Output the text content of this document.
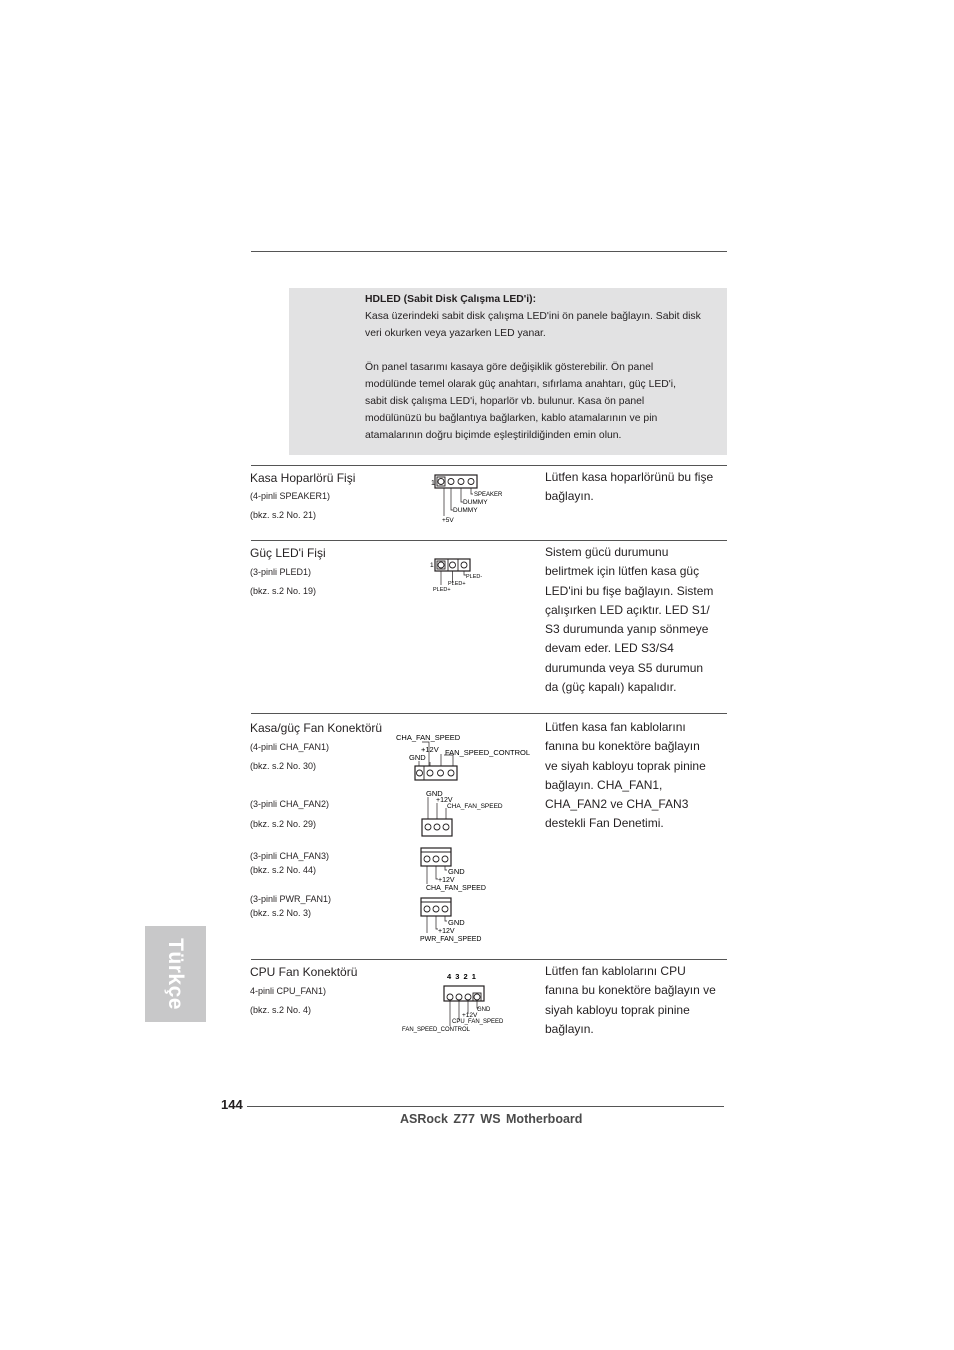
HDLED (Sabit Disk Çalışma LED'i):

Kasa üzerindeki sabit disk çalışma LED'ini ön panele bağlayın. Sabit disk

veri okurken veya yazarken LED yanar.

Ön panel tasarımı kasaya göre değişiklik gösterebilir. Ön panel

modülünde temel olarak güç anahtarı, sıfırlama anahtarı, güç LED'i,

sabit disk çalışma LED'i, hoparlör vb. bulunur. Kasa ön panel

modülünüzü bu bağlantıya bağlarken, kablo atamalarının ve pin

atamalarının doğru biçimde eşleştirildiğinden emin olun.

Kasa Hoparlörü Fişi
(4-pinli SPEAKER1)
(bkz. s.2 No. 21)
Lütfen kasa hoparlörünü bu fişe
bağlayın.
1
SPEAKER
DUMMY
DUMMY
+5V
Güç LED'i Fişi
(3-pinli PLED1)
(bkz. s.2 No. 19)
Sistem gücü durumunu
belirtmek için lütfen kasa güç
LED'ini bu fişe bağlayın. Sistem
çalışırken LED açıktır. LED S1/
S3 durumunda yanıp sönmeye
devam eder. LED S3/S4
durumunda veya S5 durumun
da (güç kapalı) kapalıdır.
1
PLED-
PLED+
PLED+
Kasa/güç Fan Konektörü
(4-pinli CHA_FAN1)
(bkz. s.2 No. 30)
(3-pinli CHA_FAN2)
(bkz. s.2 No. 29)
(3-pinli CHA_FAN3)
(bkz. s.2 No. 44)
(3-pinli PWR_FAN1)
(bkz. s.2 No. 3)
Lütfen kasa fan kablolarını
fanına bu konektöre bağlayın
ve siyah kabloyu toprak pinine
bağlayın. CHA_FAN1,
CHA_FAN2 ve CHA_FAN3
destekli Fan Denetimi.
CHA_FAN_SPEED
+12V
GND
FAN_SPEED_CONTROL
GND
+12V
CHA_FAN_SPEED
GND
+12V
CHA_FAN_SPEED
GND
+12V
PWR_FAN_SPEED
CPU Fan Konektörü
4-pinli CPU_FAN1)
(bkz. s.2 No. 4)
Lütfen fan kablolarını CPU
fanına bu konektöre bağlayın ve
siyah kabloyu toprak pinine
bağlayın.
4 3 2 1
GND
+12V
CPU_FAN_SPEED
FAN_SPEED_CONTROL
Türkçe
144
ASRock Z77 WS Motherboard
